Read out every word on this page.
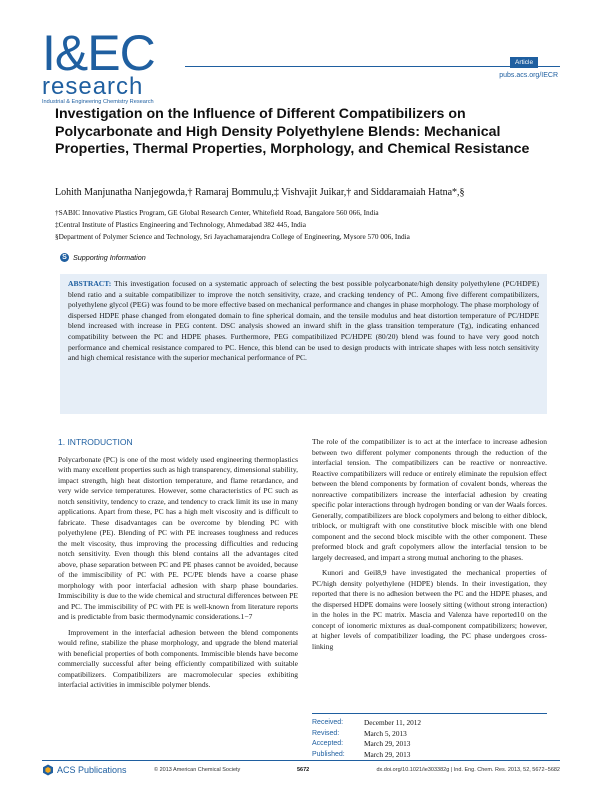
I&EC
research
Industrial & Engineering Chemistry Research
Article
pubs.acs.org/IECR
Investigation on the Influence of Different Compatibilizers on Polycarbonate and High Density Polyethylene Blends: Mechanical Properties, Thermal Properties, Morphology, and Chemical Resistance
Lohith Manjunatha Nanjegowda,† Ramaraj Bommulu,‡ Vishvajit Juikar,† and Siddaramaiah Hatna*,§
†SABIC Innovative Plastics Program, GE Global Research Center, Whitefield Road, Bangalore 560 066, India
‡Central Institute of Plastics Engineering and Technology, Ahmedabad 382 445, India
§Department of Polymer Science and Technology, Sri Jayachamarajendra College of Engineering, Mysore 570 006, India
S Supporting Information
ABSTRACT: This investigation focused on a systematic approach of selecting the best possible polycarbonate/high density polyethylene (PC/HDPE) blend ratio and a suitable compatibilizer to improve the notch sensitivity, craze, and cracking tendency of PC. Among five different compatibilizers, polyethylene glycol (PEG) was found to be more effective based on mechanical performance and changes in phase morphology. The phase morphology of dispersed HDPE phase changed from elongated domain to fine spherical domain, and the tensile modulus and heat distortion temperature of PC/HDPE blend increased with increase in PEG content. DSC analysis showed an inward shift in the glass transition temperature (Tg), indicating enhanced compatibility between the PC and HDPE phases. Furthermore, PEG compatibilized PC/HDPE (80/20) blend was found to have very good notch performance and chemical resistance compared to PC. Hence, this blend can be used to design products with intricate shapes with less notch sensitivity and high chemical resistance with the superior mechanical performance of PC.
1. INTRODUCTION

Polycarbonate (PC) is one of the most widely used engineering thermoplastics with many excellent properties such as high transparency, dimensional stability, impact strength, high heat distortion temperature, and flame retardance, and very wide service temperatures. However, some characteristics of PC such as notch sensitivity, tendency to craze, and tendency to crack limit its use in many applications. Apart from these, PC has a high melt viscosity and is difficult to fabricate. These disadvantages can be overcome by blending PC with polyethylene (PE). Blending of PC with PE increases toughness and reduces the melt viscosity, thus improving the processing difficulties and reducing notch sensitivity. Even though this blend contains all the advantages cited above, phase separation between PC and PE phases cannot be avoided, because of the immiscibility of PC with PE. PC/PE blends have a coarse phase morphology with poor interfacial adhesion with sharp phase boundaries. Immiscibility is due to the wide chemical and structural differences between PE and PC. The immiscibility of PC with PE is well-known from literature reports and is predictable from basic thermodynamic considerations.1−7

Improvement in the interfacial adhesion between the blend components would refine, stabilize the phase morphology, and upgrade the blend material with beneficial properties of both components. Immiscible blends have become commercially successful after being efficiently compatibilized with suitable compatibilizers. Compatibilizers are macromolecular species exhibiting interfacial activities in immiscible polymer blends.

The role of the compatibilizer is to act at the interface to increase adhesion between two different polymer components through the reduction of the interfacial tension. The compatibilizers can be reactive or nonreactive. Reactive compatibilizers will reduce or entirely eliminate the repulsion effect between the blend components by formation of covalent bonds, whereas the nonreactive compatibilizers increase the interfacial adhesion by creating specific polar interactions through hydrogen bonding or van der Waals forces. Generally, compatibilizers are block copolymers and belong to either diblock, triblock, or multigraft with one constitutive block miscible with one blend component and the second block miscible with the other component. These preformed block and graft copolymers allow the interfacial tension to be largely decreased, and impart a strong mutual anchoring to the phases.

Kunori and Geil8,9 have investigated the mechanical properties of PC/high density polyethylene (HDPE) blends. In their investigation, they reported that there is no adhesion between the PC and the HDPE phases, and the dispersed HDPE domains were loosely sitting (without strong interaction) in the holes in the PC matrix. Mascia and Valenza have reported10 on the concept of ionomeric mixtures as dual-component compatibilizers; however, at higher levels of compatibilizer loading, the PC phase undergoes cross-linking

Received:	December 11, 2012
Revised:	March 5, 2013
Accepted:	March 29, 2013
Published:	March 29, 2013
ACS Publications	© 2013 American Chemical Society	5672	dx.doi.org/10.1021/ie303382g | Ind. Eng. Chem. Res. 2013, 52, 5672−5682
